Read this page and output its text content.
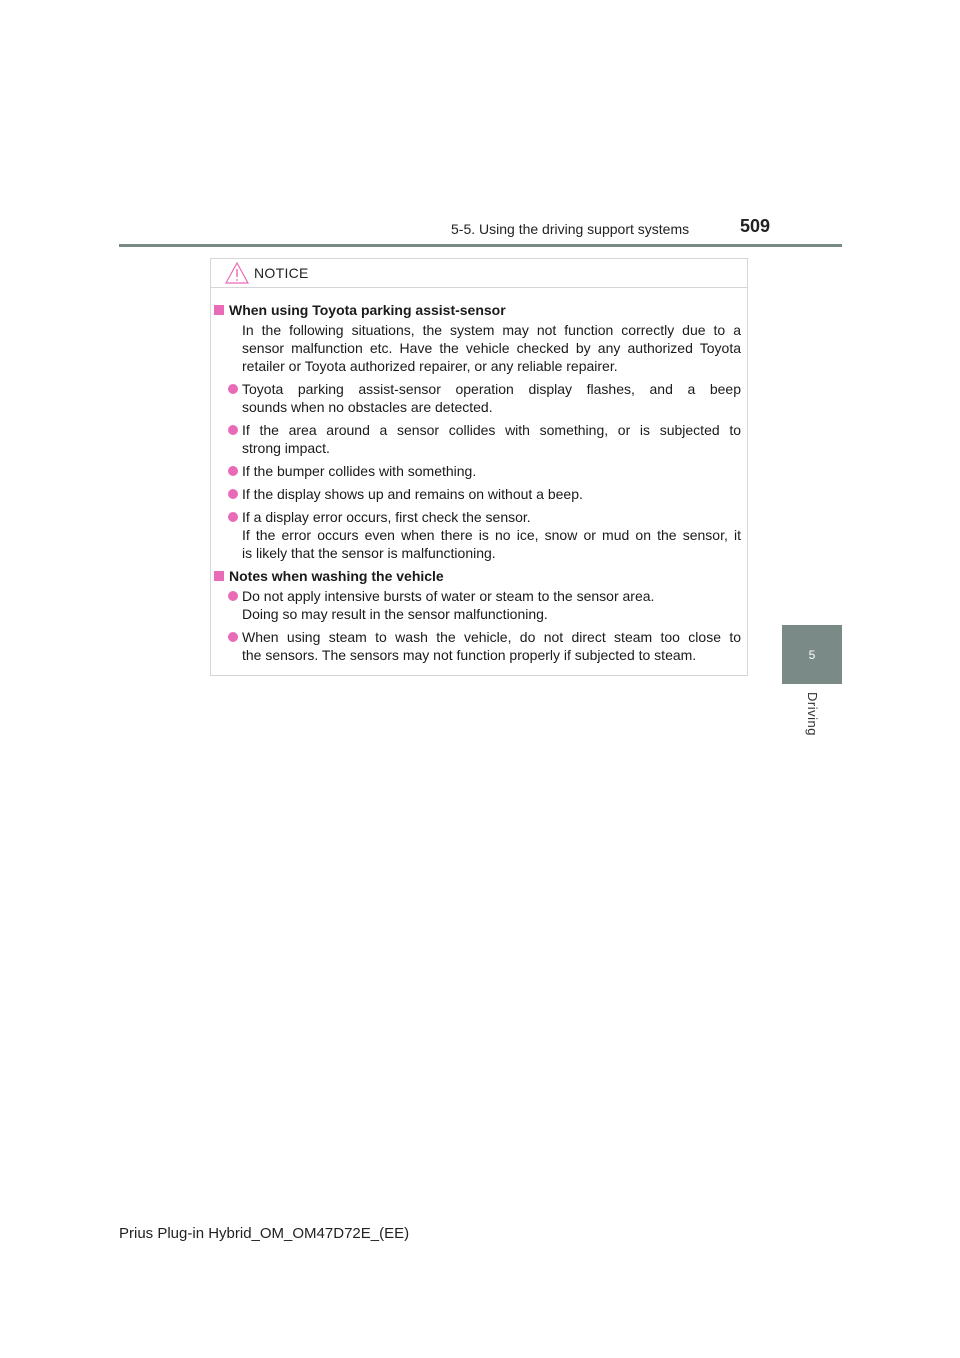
5-5. Using the driving support systems	509
5
Driving
NOTICE
When using Toyota parking assist-sensor
In the following situations, the system may not function correctly due to a
sensor malfunction etc. Have the vehicle checked by any authorized Toyota
retailer or Toyota authorized repairer, or any reliable repairer.
Toyota parking assist-sensor operation display flashes, and a beep
sounds when no obstacles are detected.
If the area around a sensor collides with something, or is subjected to
strong impact.
If the bumper collides with something.
If the display shows up and remains on without a beep.
If a display error occurs, first check the sensor.
If the error occurs even when there is no ice, snow or mud on the sensor, it
is likely that the sensor is malfunctioning.
Notes when washing the vehicle
Do not apply intensive bursts of water or steam to the sensor area.
Doing so may result in the sensor malfunctioning.
When using steam to wash the vehicle, do not direct steam too close to
the sensors. The sensors may not function properly if subjected to steam.
Prius Plug-in Hybrid_OM_OM47D72E_(EE)
